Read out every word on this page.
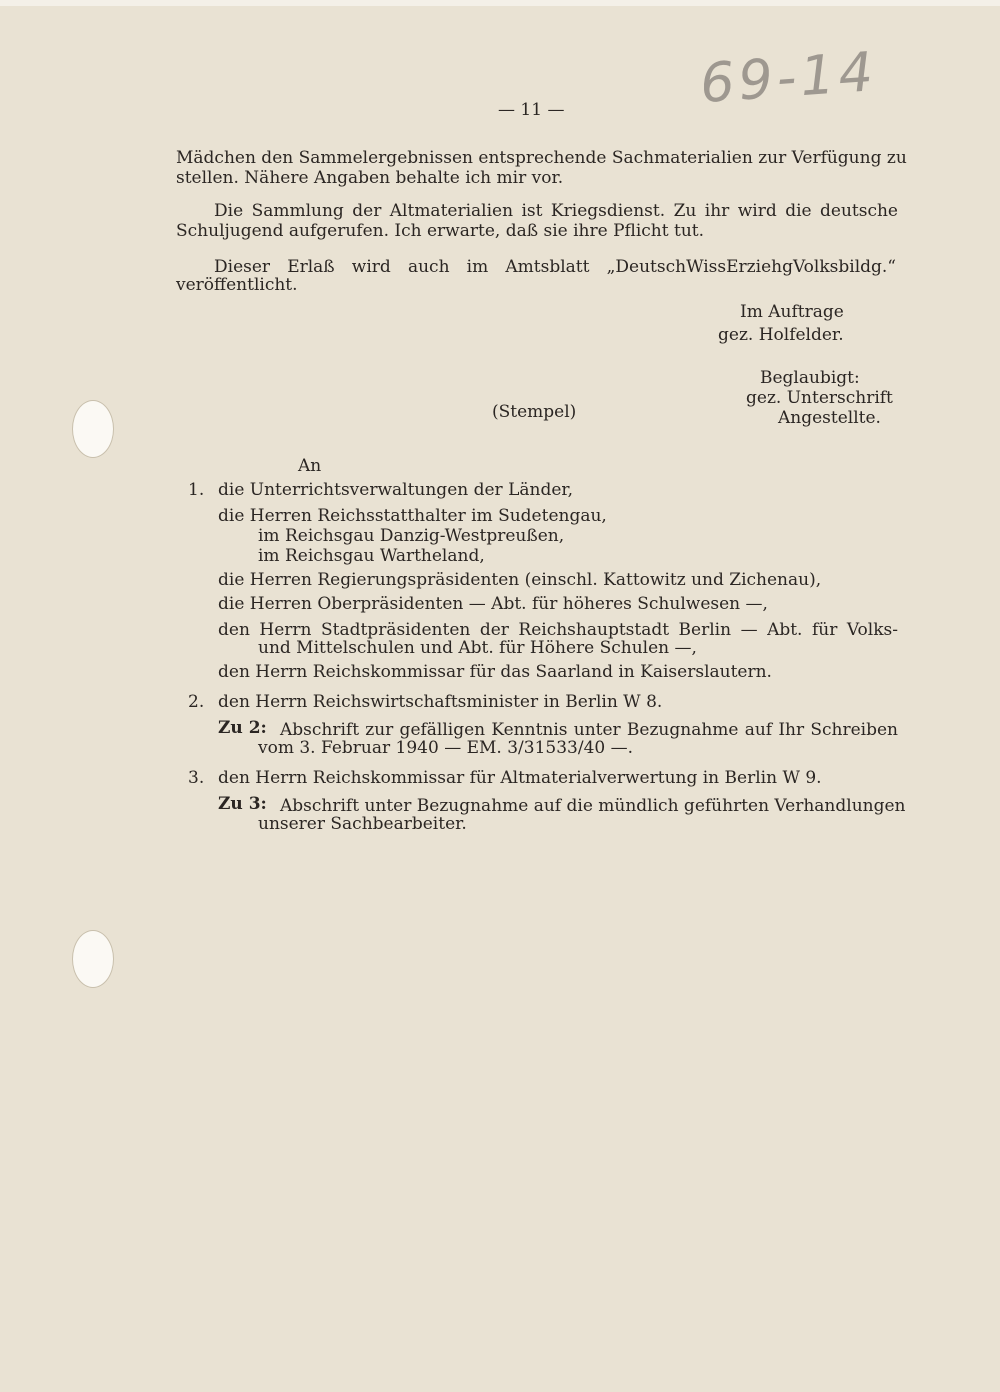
69-14
— 11 —
Mädchen den Sammelergebnissen entsprechende Sachmaterialien zur Verfügung zu
stellen. Nähere Angaben behalte ich mir vor.
Die Sammlung der Altmaterialien ist Kriegsdienst. Zu ihr wird die deutsche
Schuljugend aufgerufen. Ich erwarte, daß sie ihre Pflicht tut.
Dieser Erlaß wird auch im Amtsblatt „DeutschWissErziehgVolksbildg.“
veröffentlicht.
Im Auftrage
gez. Holfelder.
Beglaubigt:
gez. Unterschrift
Angestellte.
(Stempel)
An
1. die Unterrichtsverwaltungen der Länder,
die Herren Reichsstatthalter im Sudetengau,
im Reichsgau Danzig-Westpreußen,
im Reichsgau Wartheland,
die Herren Regierungspräsidenten (einschl. Kattowitz und Zichenau),
die Herren Oberpräsidenten — Abt. für höheres Schulwesen —,
den Herrn Stadtpräsidenten der Reichshauptstadt Berlin — Abt. für Volks-
und Mittelschulen und Abt. für Höhere Schulen —,
den Herrn Reichskommissar für das Saarland in Kaiserslautern.
2. den Herrn Reichswirtschaftsminister in Berlin W 8.
Zu 2: Abschrift zur gefälligen Kenntnis unter Bezugnahme auf Ihr Schreiben
vom 3. Februar 1940 — EM. 3/31533/40 —.
3. den Herrn Reichskommissar für Altmaterialverwertung in Berlin W 9.
Zu 3: Abschrift unter Bezugnahme auf die mündlich geführten Verhandlungen
unserer Sachbearbeiter.
